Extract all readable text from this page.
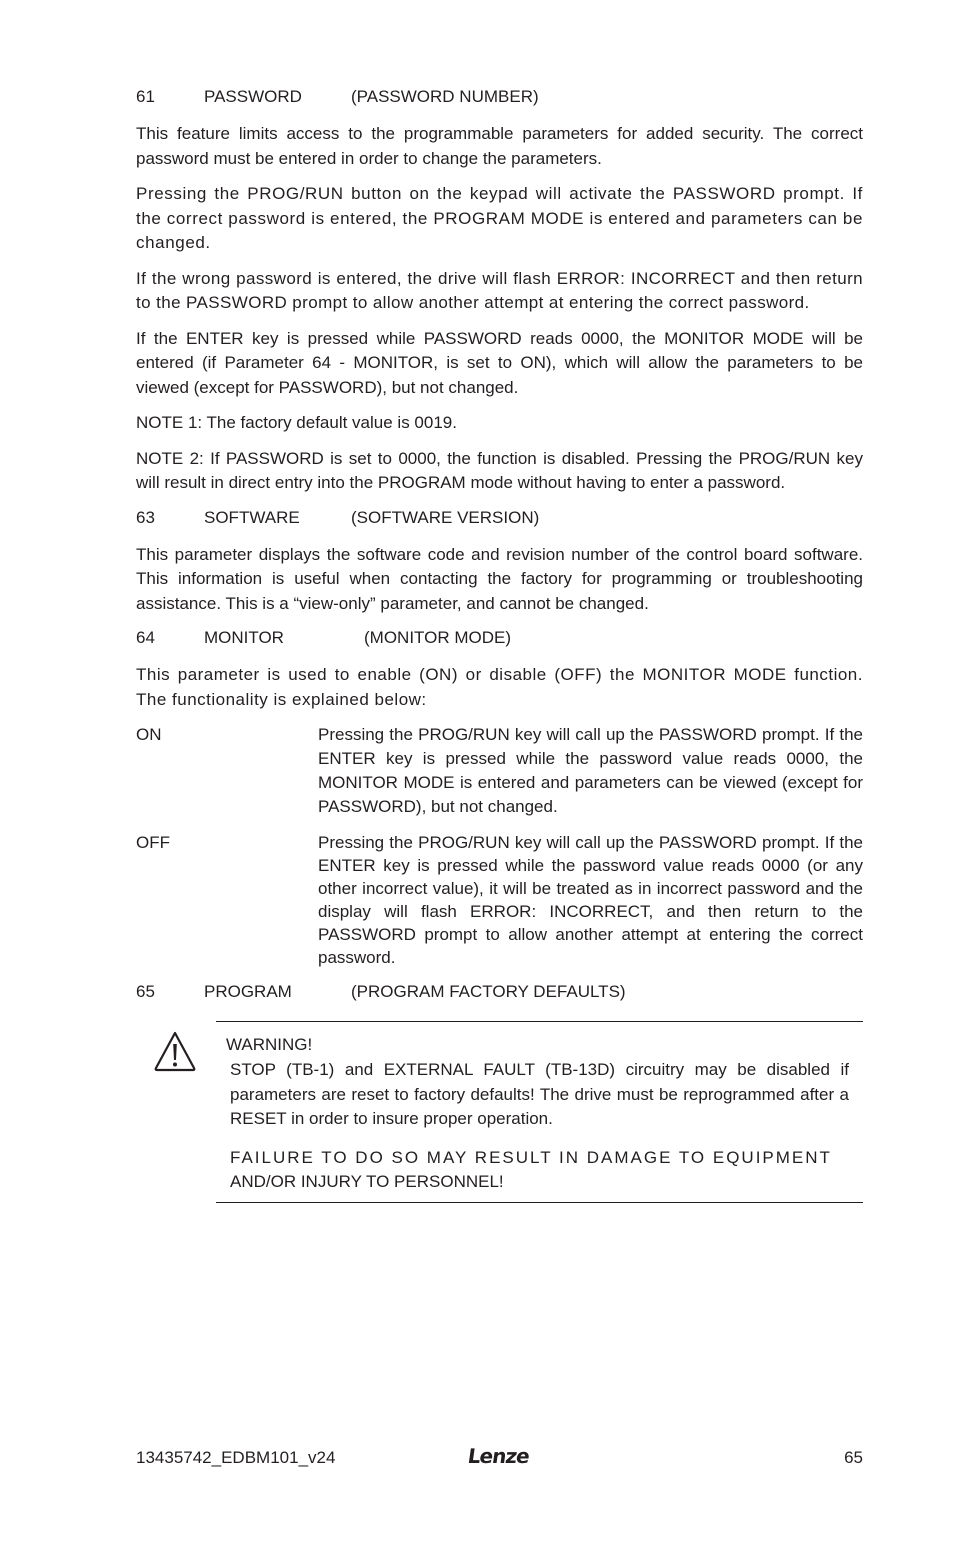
61	PASSWORD	(PASSWORD NUMBER)

This feature limits access to the programmable parameters for added security. The correct password must be entered in order to change the parameters.

Pressing the PROG/RUN button on the keypad will activate the PASSWORD prompt. If the correct password is entered, the PROGRAM MODE is entered and parameters can be changed.

If the wrong password is entered, the drive will flash ERROR: INCORRECT and then return to the PASSWORD prompt to allow another attempt at entering the correct password.

If the ENTER key is pressed while PASSWORD reads 0000, the MONITOR MODE will be entered (if Parameter 64 - MONITOR, is set to ON), which will allow the parameters to be viewed (except for PASSWORD), but not changed.

NOTE 1: The factory default value is 0019.

NOTE 2: If PASSWORD is set to 0000, the function is disabled. Pressing the PROG/RUN key will result in direct entry into the PROGRAM mode without having to enter a password.

63	SOFTWARE	(SOFTWARE VERSION)

This parameter displays the software code and revision number of the control board software. This information is useful when contacting the factory for programming or troubleshooting assistance. This is a “view-only” parameter, and cannot be changed.

64	MONITOR	(MONITOR MODE)

This parameter is used to enable (ON) or disable (OFF) the MONITOR MODE function. The functionality is explained below:

ON	Pressing the PROG/RUN key will call up the PASSWORD prompt. If the ENTER key is pressed while the password value reads 0000, the MONITOR MODE is entered and parameters can be viewed (except for PASSWORD), but not changed.
OFF	Pressing the PROG/RUN key will call up the PASSWORD prompt. If the ENTER key is pressed while the password value reads 0000 (or any other incorrect value), it will be treated as in incorrect password and the display will flash ERROR: INCORRECT, and then return to the PASSWORD prompt to allow another attempt at entering the correct password.
65	PROGRAM	(PROGRAM FACTORY DEFAULTS)
WARNING!

STOP (TB-1) and EXTERNAL FAULT (TB-13D) circuitry may be disabled if parameters are reset to factory defaults! The drive must be reprogrammed after a RESET in order to insure proper operation.

FAILURE TO DO SO MAY RESULT IN DAMAGE TO EQUIPMENT
AND/OR INJURY TO PERSONNEL!

13435742_EDBM101_v24	Lenze	65
